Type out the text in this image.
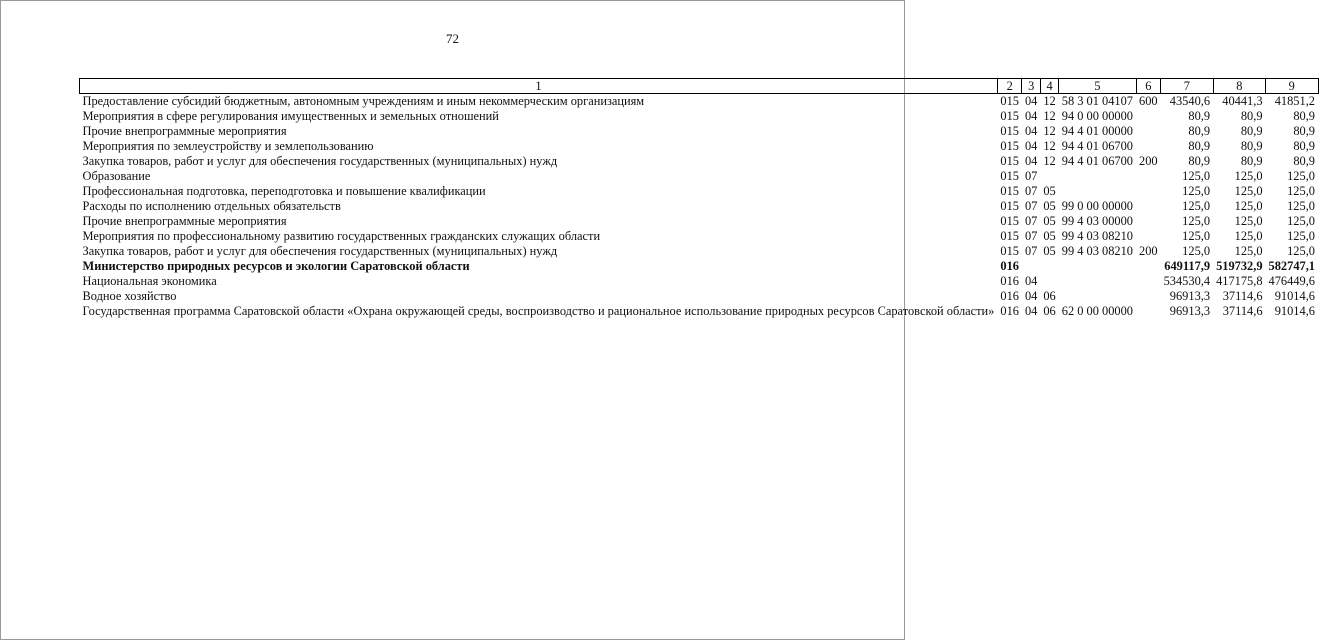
72
1	2	3	4	5	6	7	8	9
Предоставление субсидий бюджетным, автономным учреждениям и иным некоммерческим организациям	015	04	12	58 3 01 04107	600	43540,6	40441,3	41851,2
Мероприятия в сфере регулирования имущественных и земельных отношений	015	04	12	94 0 00 00000		80,9	80,9	80,9
Прочие внепрограммные мероприятия	015	04	12	94 4 01 00000		80,9	80,9	80,9
Мероприятия по землеустройству и землепользованию	015	04	12	94 4 01 06700		80,9	80,9	80,9
Закупка товаров, работ и услуг для обеспечения государственных (муниципальных) нужд	015	04	12	94 4 01 06700	200	80,9	80,9	80,9
Образование	015	07				125,0	125,0	125,0
Профессиональная подготовка, переподготовка и повышение квалификации	015	07	05			125,0	125,0	125,0
Расходы по исполнению отдельных обязательств	015	07	05	99 0 00 00000		125,0	125,0	125,0
Прочие внепрограммные мероприятия	015	07	05	99 4 03 00000		125,0	125,0	125,0
Мероприятия по профессиональному развитию государственных гражданских служащих области	015	07	05	99 4 03 08210		125,0	125,0	125,0
Закупка товаров, работ и услуг для обеспечения государственных (муниципальных) нужд	015	07	05	99 4 03 08210	200	125,0	125,0	125,0
Министерство природных ресурсов и экологии Саратовской области	016					649117,9	519732,9	582747,1
Национальная экономика	016	04				534530,4	417175,8	476449,6
Водное хозяйство	016	04	06			96913,3	37114,6	91014,6
Государственная программа Саратовской области «Охрана окружающей среды, воспроизводство и рациональное использование природных ресурсов Саратовской области»	016	04	06	62 0 00 00000		96913,3	37114,6	91014,6
